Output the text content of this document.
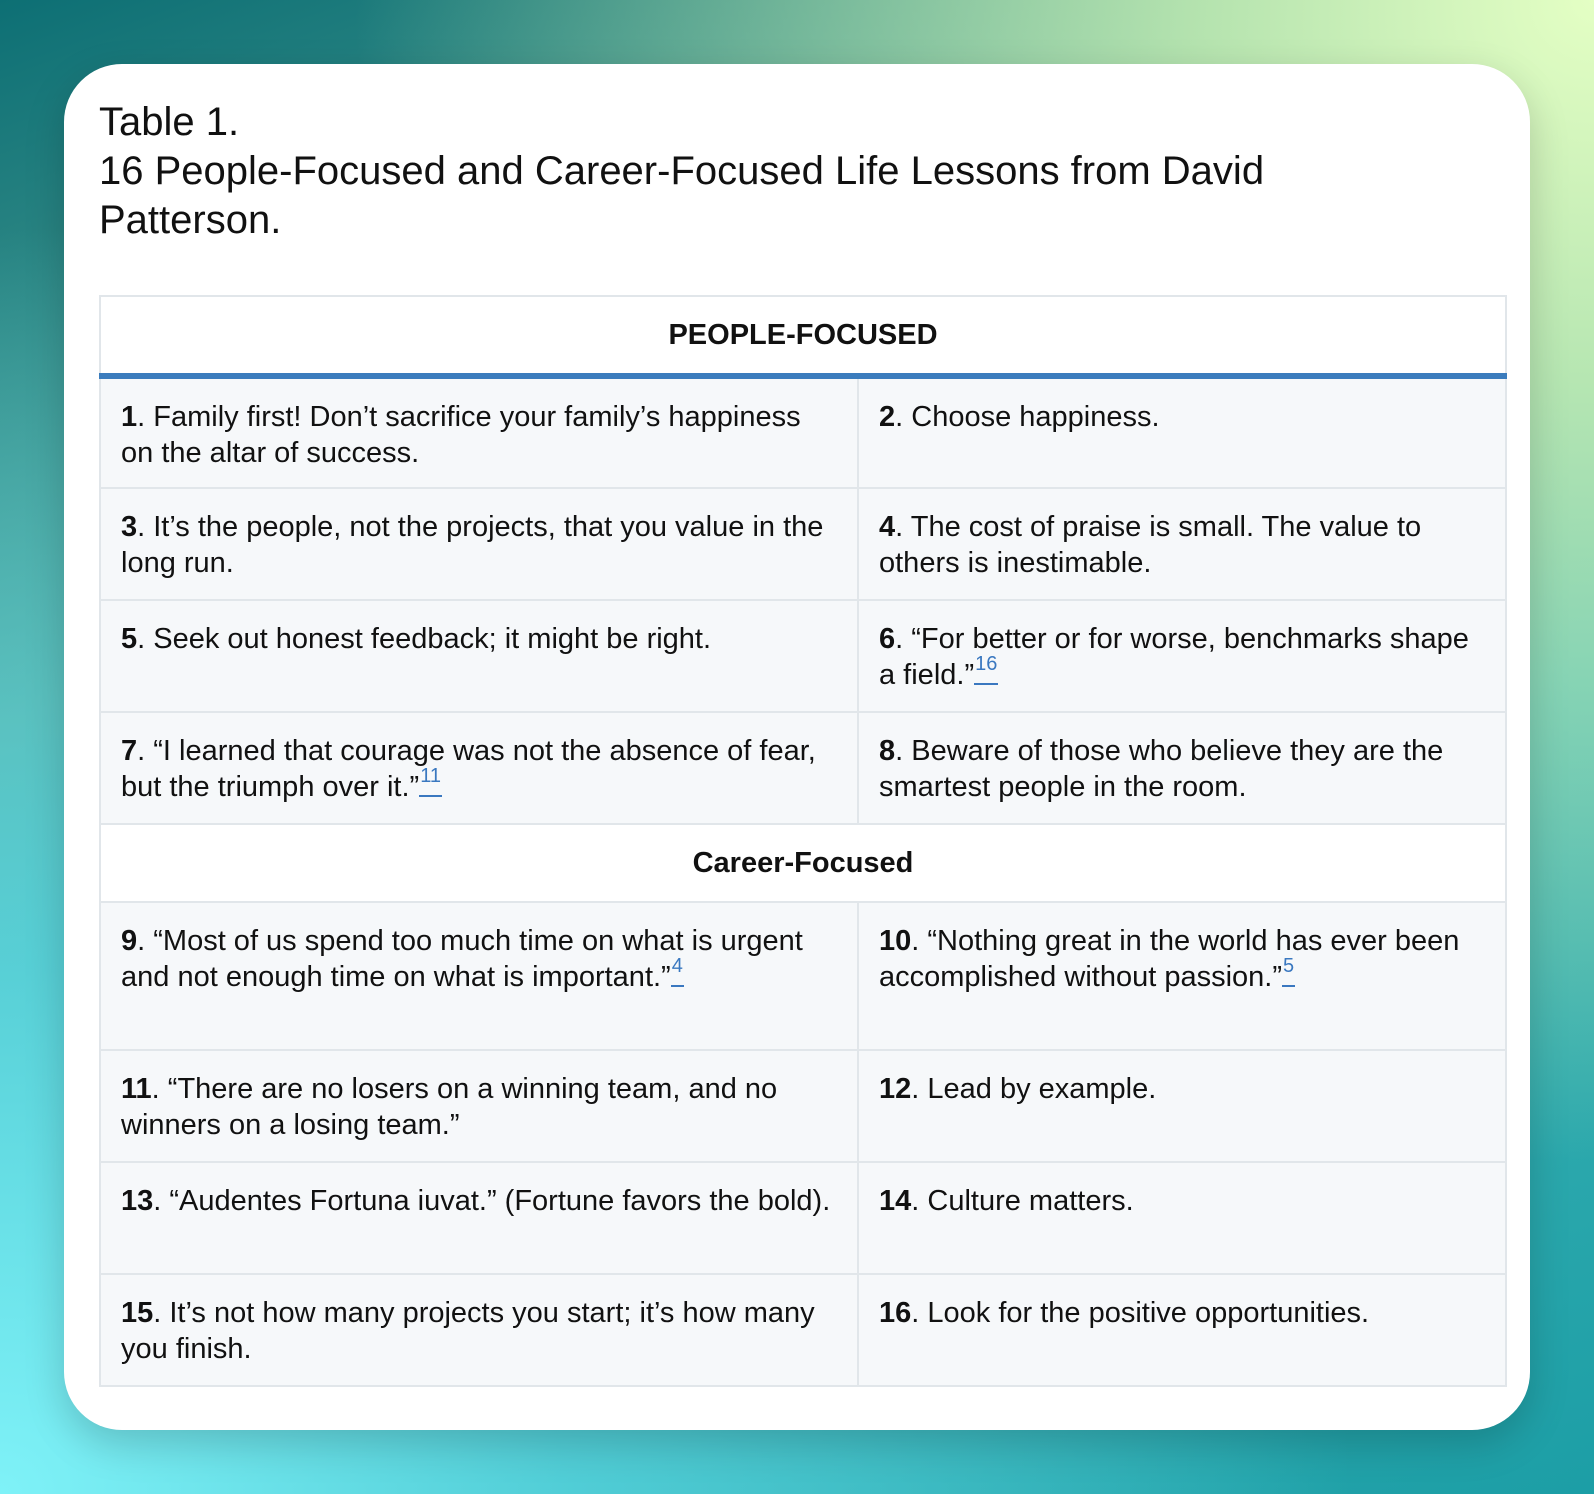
Table 1.
16 People-Focused and Career-Focused Life Lessons from David Patterson.
PEOPLE-FOCUSED	

1. Family first! Don’t sacrifice your family’s happiness on the altar of success.	2. Choose happiness.

3. It’s the people, not the projects, that you value in the long run.	4. The cost of praise is small. The value to others is inestimable.

5. Seek out honest feedback; it might be right.	6. “For better or for worse, benchmarks shape a field.”$^{16}$

7. “I learned that courage was not the absence of fear, but the triumph over it.”$^{11}$	8. Beware of those who believe they are the smartest people in the room.

Career-Focused	

9. “Most of us spend too much time on what is urgent and not enough time on what is important.”$^4$	10. “Nothing great in the world has ever been accomplished without passion.”$^5$

11. “There are no losers on a winning team, and no winners on a losing team.”	12. Lead by example.

13. “Audentes Fortuna iuvat.” (Fortune favors the bold).	14. Culture matters.

15. It’s not how many projects you start; it’s how many you finish.	16. Look for the positive opportunities.
